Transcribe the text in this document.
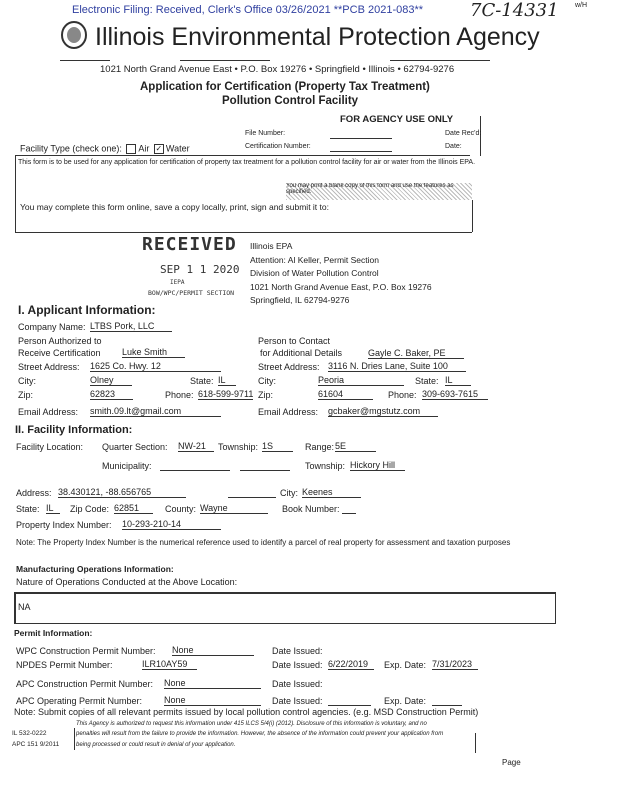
Electronic Filing: Received, Clerk's Office 03/26/2021 **PCB 2021-083**
Illinois Environmental Protection Agency
7C-14331 w/H
1021 North Grand Avenue East • P.O. Box 19276 • Springfield • Illinois • 62794-9276
Application for Certification (Property Tax Treatment)
Pollution Control Facility
FOR AGENCY USE ONLY
File Number:	Date Rec'd:
Certification Number:	Date:
Facility Type (check one): Air ✓ Water
This form is to be used for any application for certification of property tax treatment for a pollution control facility for air or water from the Illinois EPA.
You may print a blank copy of this form and use the features as specified.
You may complete this form online, save a copy locally, print, sign and submit it to:
RECEIVED
SEP 1 1 2020
IEPA
BOW/WPC/PERMIT SECTION
Illinois EPA
Attention: Al Keller, Permit Section
Division of Water Pollution Control
1021 North Grand Avenue East, P.O. Box 19276
Springfield, IL 62794-9276
I. Applicant Information:
Company Name: LTBS Pork, LLC
Person Authorized to
Receive Certification Luke Smith
Street Address: 1625 Co. Hwy. 12
City:	Olney	State: IL
Zip:	62823	Phone: 618-599-9711
Email Address: smith.09.lt@gmail.com
Person to Contact
for Additional Details	Gayle C. Baker, PE
Street Address: 3116 N. Dries Lane, Suite 100
City:	Peoria	State: IL
Zip:	61604	Phone: 309-693-7615
Email Address: gcbaker@mgstutz.com
II. Facility Information:
Facility Location: Quarter Section: NW-21	Township: 1S	Range: 5E
Municipality:	Township: Hickory Hill
Address: 38.430121, -88.656765	City: Keenes
State: IL	Zip Code: 62851	County: Wayne	Book Number:
Property Index Number: 10-293-210-14
Note: The Property Index Number is the numerical reference used to identify a parcel of real property for assessment and taxation purposes
Manufacturing Operations Information:
Nature of Operations Conducted at the Above Location:
NA
Permit Information:
WPC Construction Permit Number: None	Date Issued:
NPDES Permit Number:	ILR10AY59	Date Issued: 6/22/2019	Exp. Date: 7/31/2023
APC Construction Permit Number: None	Date Issued:
APC Operating Permit Number: None	Date Issued:	Exp. Date:
Note: Submit copies of all relevant permits issued by local pollution control agencies. (e.g. MSD Construction Permit)
This Agency is authorized to request this information under 415 ILCS 5/4(i) (2012). Disclosure of this information is voluntary, and no
penalties will result from the failure to provide the information. However, the absence of the information could prevent your application from
being processed or could result in denial of your application.
IL 532-0222
APC 151 9/2011
Page
